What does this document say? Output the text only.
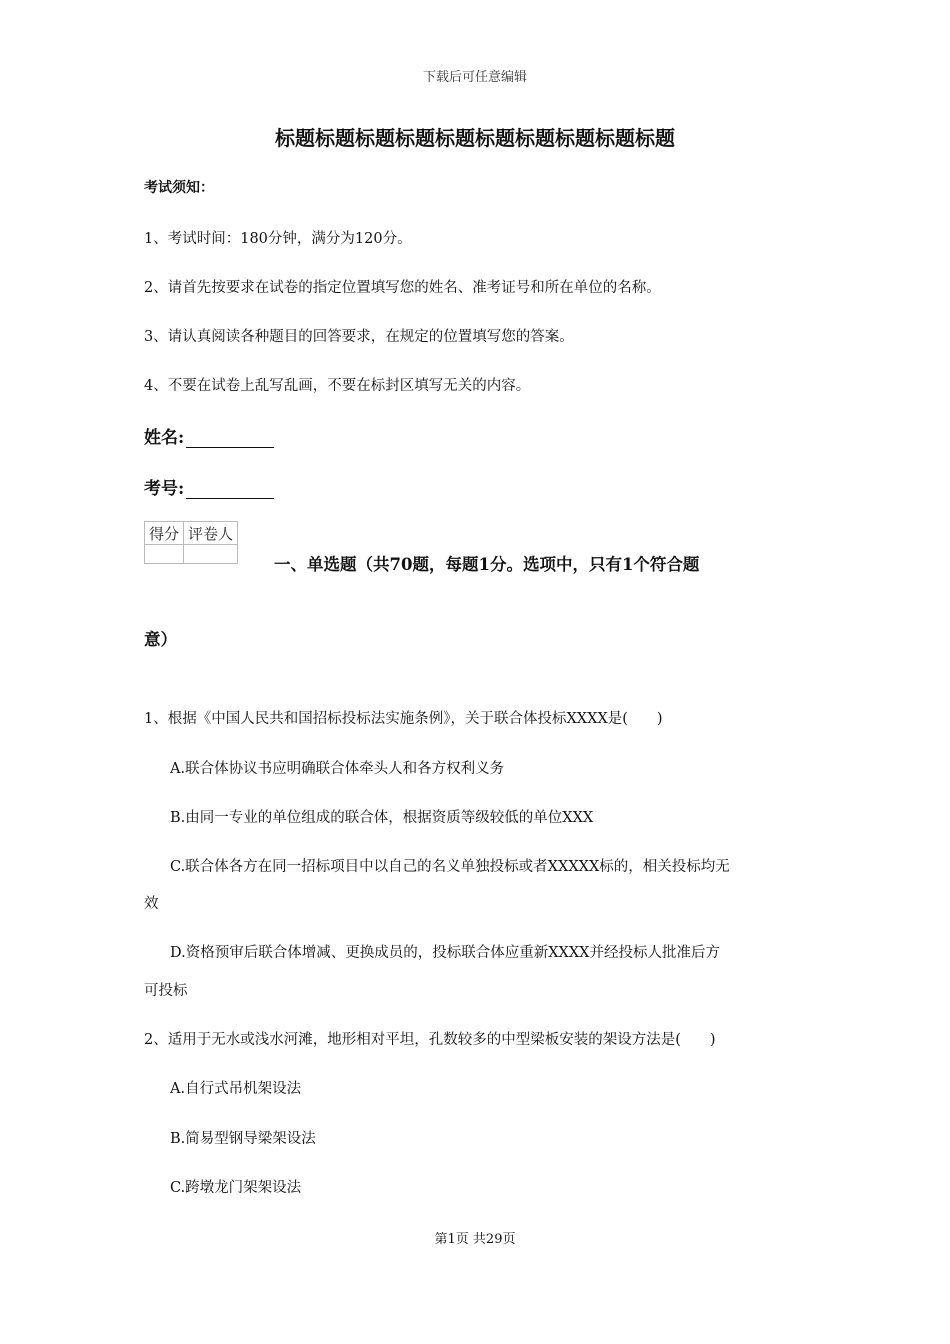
下载后可任意编辑
标题标题标题标题标题标题标题标题标题标题
考试须知：
1、考试时间：180分钟，满分为120分。
2、请首先按要求在试卷的指定位置填写您的姓名、准考证号和所在单位的名称。
3、请认真阅读各种题目的回答要求，在规定的位置填写您的答案。
4、不要在试卷上乱写乱画，不要在标封区填写无关的内容。
姓名:
考号:
得分	评卷人

一、单选题（共70题，每题1分。选项中，只有1个符合题
意）
1、根据《中国人民共和国招标投标法实施条例》，关于联合体投标XXXX是(　　)
A.联合体协议书应明确联合体牵头人和各方权利义务
B.由同一专业的单位组成的联合体，根据资质等级较低的单位XXX
C.联合体各方在同一招标项目中以自己的名义单独投标或者XXXXX标的，相关投标均无
效
D.资格预审后联合体增减、更换成员的，投标联合体应重新XXXX并经投标人批准后方
可投标
2、适用于无水或浅水河滩，地形相对平坦，孔数较多的中型梁板安装的架设方法是(　　)
A.自行式吊机架设法
B.简易型钢导梁架设法
C.跨墩龙门架架设法
第1页 共29页
